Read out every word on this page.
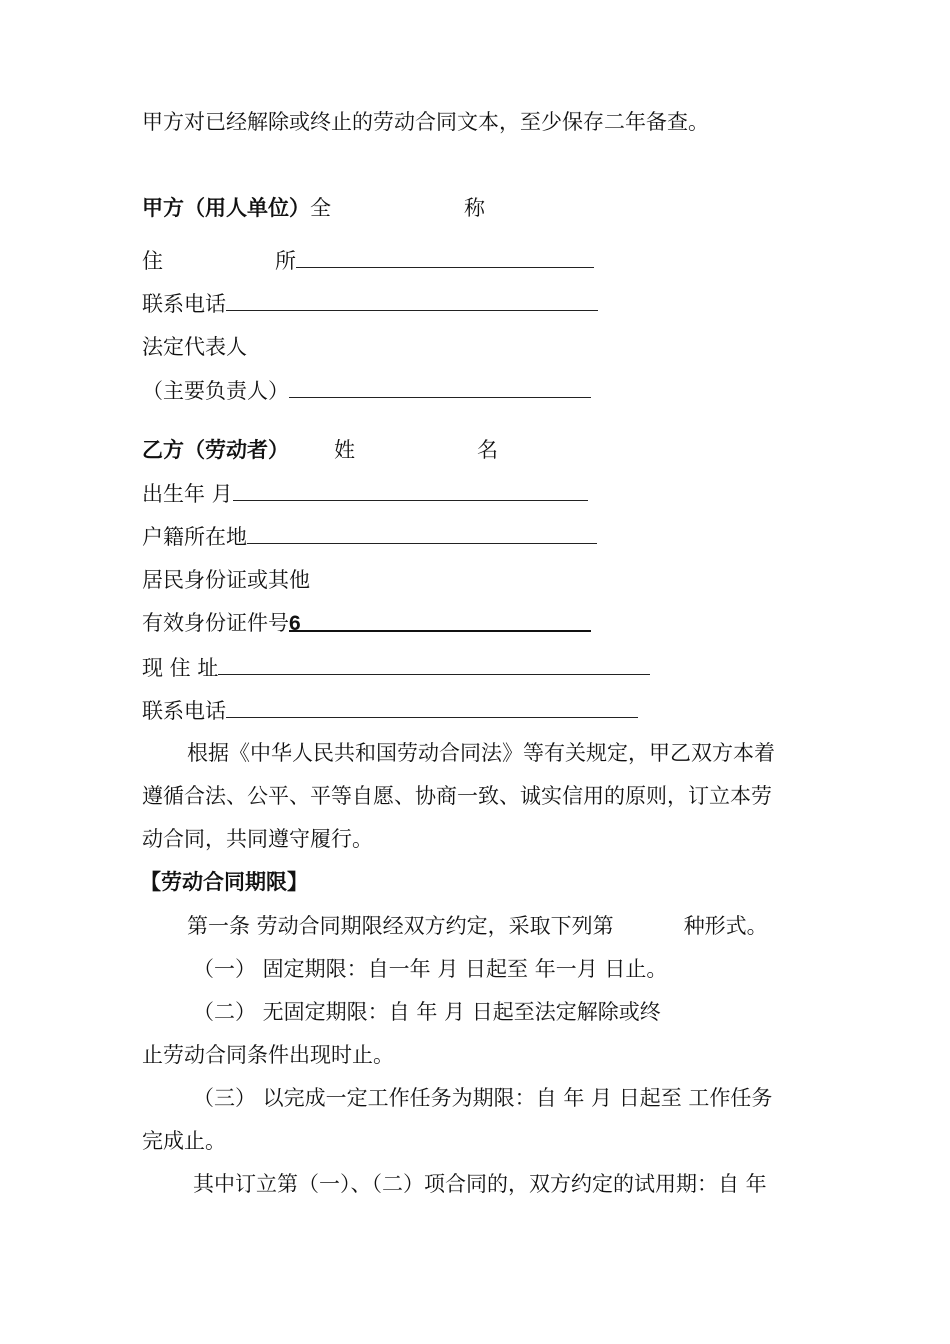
甲方对已经解除或终止的劳动合同文本，至少保存二年备查。
甲方（用人单位）全	称
住	所
联系电话
法定代表人
（主要负责人）
乙方（劳动者） 姓	名
出生年 月
户籍所在地
居民身份证或其他
有效身份证件号6
现 住 址
联系电话
根据《中华人民共和国劳动合同法》等有关规定，甲乙双方本着
遵循合法、公平、平等自愿、协商一致、诚实信用的原则，订立本劳
动合同，共同遵守履行。
【劳动合同期限】
第一条 劳动合同期限经双方约定，采取下列第	种形式。
（一） 固定期限：自一年 月 日起至 年一月 日止。
（二） 无固定期限：自 年 月 日起至法定解除或终
止劳动合同条件出现时止。
（三） 以完成一定工作任务为期限：自 年 月 日起至 工作任务
完成止。
其中订立第（一）、（二）项合同的，双方约定的试用期：自 年
